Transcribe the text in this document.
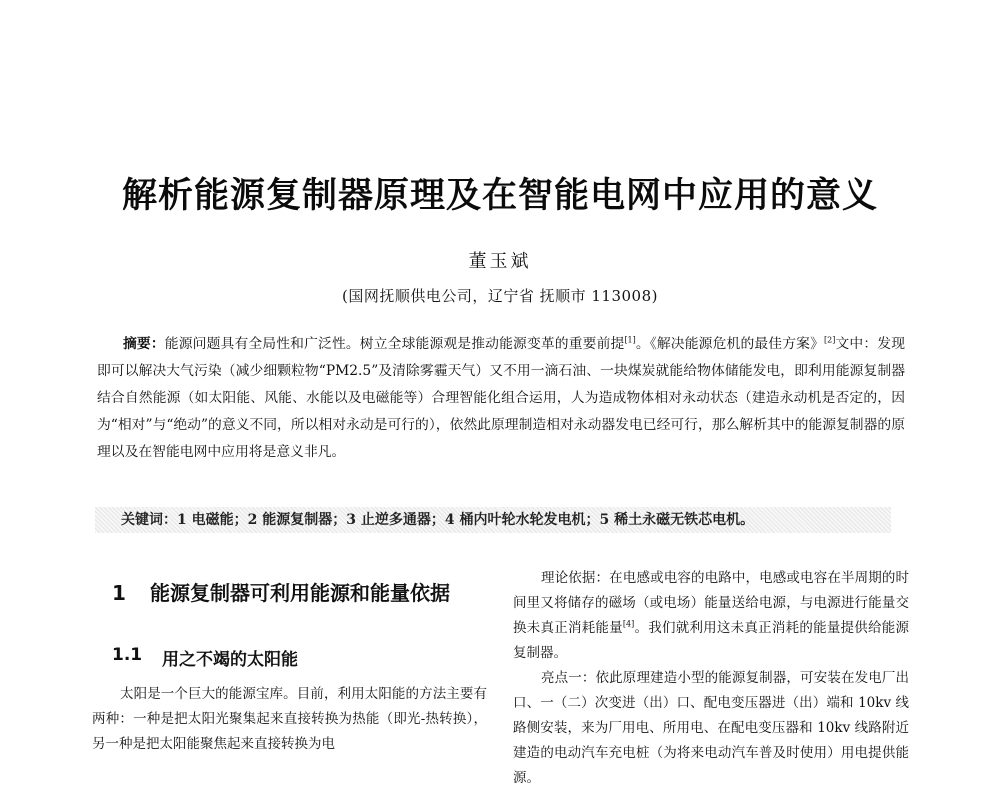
解析能源复制器原理及在智能电网中应用的意义
董玉斌
(国网抚顺供电公司，辽宁省 抚顺市 113008)

摘要：能源问题具有全局性和广泛性。树立全球能源观是推动能源变革的重要前提[1]。《解决能源危机的最佳方案》[2]文中：发现即可以解决大气污染（减少细颗粒物“PM2.5”及清除雾霾天气）又不用一滴石油、一块煤炭就能给物体储能发电，即利用能源复制器结合自然能源（如太阳能、风能、水能以及电磁能等）合理智能化组合运用，人为造成物体相对永动状态（建造永动机是否定的，因为“相对”与“绝动”的意义不同，所以相对永动是可行的），依然此原理制造相对永动器发电已经可行，那么解析其中的能源复制器的原理以及在智能电网中应用将是意义非凡。

关键词：1 电磁能；2 能源复制器；3 止逆多通器；4 桶内叶轮水轮发电机；5 稀土永磁无铁芯电机。
1	能源复制器可利用能源和能量依据
1.1	用之不竭的太阳能

太阳是一个巨大的能源宝库。目前，利用太阳能的方法主要有两种：一种是把太阳光聚集起来直接转换为热能（即光-热转换），另一种是把太阳能聚焦起来直接转换为电

理论依据：在电感或电容的电路中，电感或电容在半周期的时间里又将储存的磁场（或电场）能量送给电源，与电源进行能量交换未真正消耗能量[4]。我们就利用这未真正消耗的能量提供给能源复制器。

亮点一：依此原理建造小型的能源复制器，可安装在发电厂出口、一（二）次变进（出）口、配电变压器进（出）端和 10kv 线路侧安装，来为厂用电、所用电、在配电变压器和 10kv 线路附近建造的电动汽车充电桩（为将来电动汽车普及时使用）用电提供能源。
